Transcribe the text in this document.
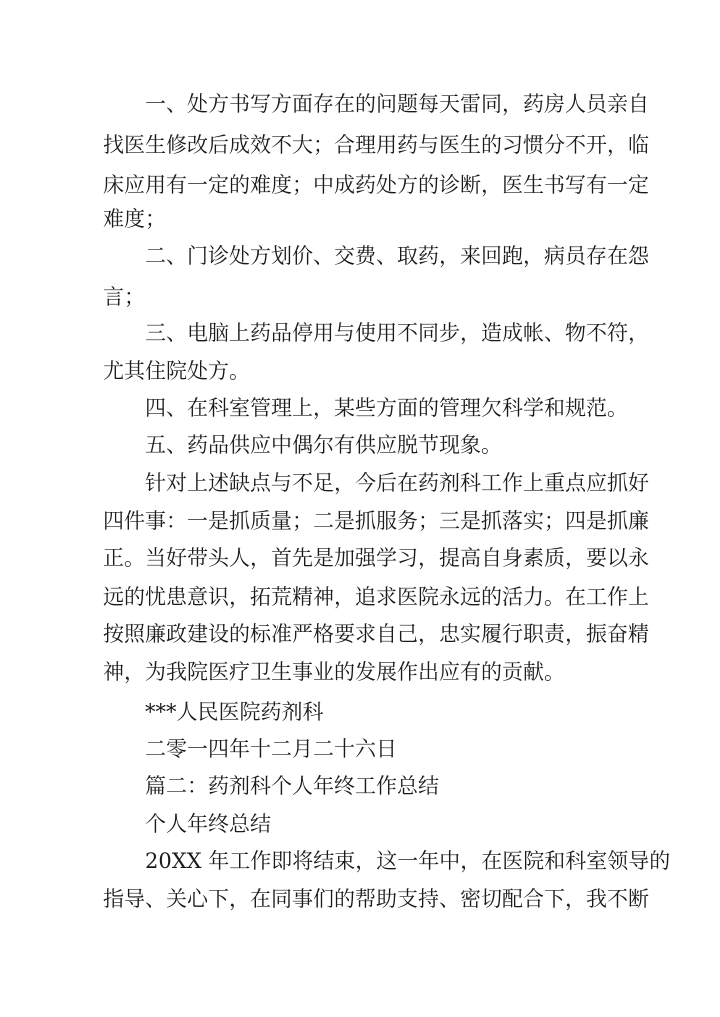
一 、 处 方 书 写 方 面 存 在 的 问 题 每 天 雷 同 ， 药 房 人 员 亲 自
找 医 生 修 改 后 成 效 不 大 ； 合 理 用 药 与 医 生 的 习 惯 分 不 开 ， 临
床 应 用 有 一 定 的 难 度 ； 中 成 药 处 方 的 诊 断 ， 医 生 书 写 有 一 定
难度；
二 、 门 诊 处 方 划 价 、 交 费 、 取 药 ， 来 回 跑 ， 病 员 存 在 怨
言；
三 、 电 脑 上 药 品 停 用 与 使 用 不 同 步 ， 造 成 帐 、 物 不 符 ，
尤其住院处方。
四 、 在 科 室 管 理 上 ， 某 些 方 面 的 管 理 欠 科 学 和 规 范 。
五、药品供应中偶尔有供应脱节现象。
针 对 上 述 缺 点 与 不 足 ， 今 后 在 药 剂 科 工 作 上 重 点 应 抓 好
四 件 事 ： 一 是 抓 质 量 ； 二 是 抓 服 务 ； 三 是 抓 落 实 ； 四 是 抓 廉
正 。 当 好 带 头 人 ， 首 先 是 加 强 学 习 ， 提 高 自 身 素 质 ， 要 以 永
远 的 忧 患 意 识 ， 拓 荒 精 神 ， 追 求 医 院 永 远 的 活 力 。 在 工 作 上
按 照 廉 政 建 设 的 标 准 严 格 要 求 自 己 ， 忠 实 履 行 职 责 ， 振 奋 精
神，为我院医疗卫生事业的发展作出应有的贡献。
***人民医院药剂科
二零一四年十二月二十六日
篇二：药剂科个人年终工作总结
个人年终总结
20XX 年工作即将结束，这一年中，在医院和科室领导的
指 导 、 关 心 下 ， 在 同 事 们 的 帮 助 支 持 、 密 切 配 合 下 ， 我 不 断
